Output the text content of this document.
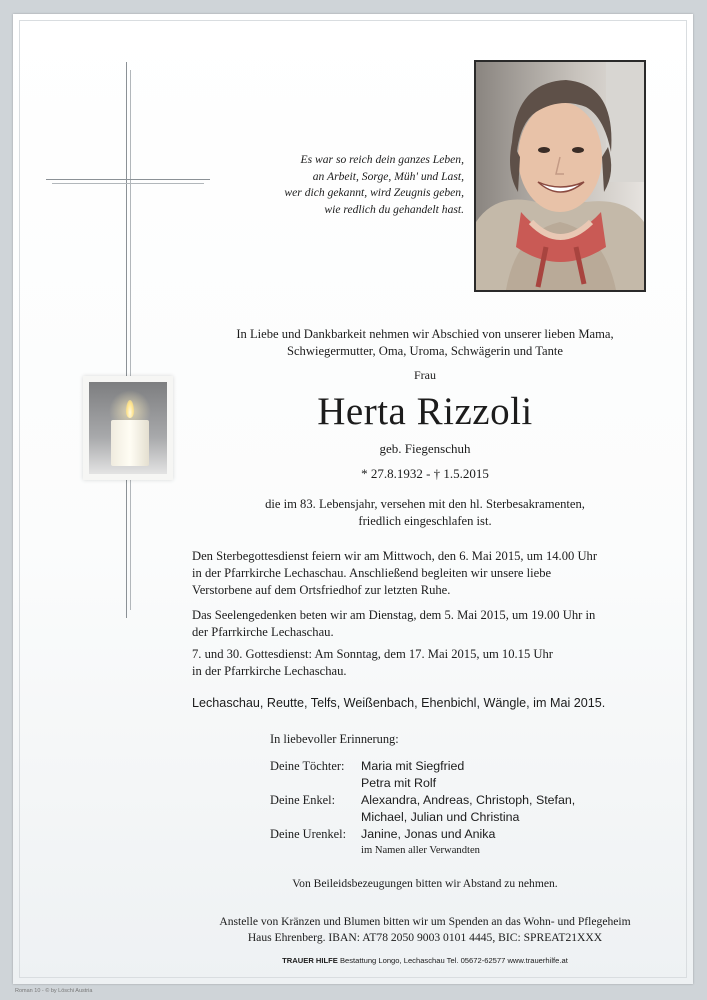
Es war so reich dein ganzes Leben,
an Arbeit, Sorge, Müh' und Last,
wer dich gekannt, wird Zeugnis geben,
wie redlich du gehandelt hast.
In Liebe und Dankbarkeit nehmen wir Abschied von unserer lieben Mama,
Schwiegermutter, Oma, Uroma, Schwägerin und Tante
Frau
Herta Rizzoli
geb. Fiegenschuh
* 27.8.1932 - † 1.5.2015
die im 83. Lebensjahr, versehen mit den hl. Sterbesakramenten,
friedlich eingeschlafen ist.
Den Sterbegottesdienst feiern wir am Mittwoch, den 6. Mai 2015, um 14.00 Uhr
in der Pfarrkirche Lechaschau. Anschließend begleiten wir unsere liebe
Verstorbene auf dem Ortsfriedhof zur letzten Ruhe.
Das Seelengedenken beten wir am Dienstag, dem 5. Mai 2015, um 19.00 Uhr in
der Pfarrkirche Lechaschau.
7. und 30. Gottesdienst: Am Sonntag, dem 17. Mai 2015, um 10.15 Uhr
in der Pfarrkirche Lechaschau.
Lechaschau, Reutte, Telfs, Weißenbach, Ehenbichl, Wängle, im Mai 2015.
In liebevoller Erinnerung:
Deine Töchter:	Maria mit Siegfried
Petra mit Rolf
Deine Enkel:	Alexandra, Andreas, Christoph, Stefan,
Michael, Julian und Christina
Deine Urenkel:	Janine, Jonas und Anika
im Namen aller Verwandten
Von Beileidsbezeugungen bitten wir Abstand zu nehmen.
Anstelle von Kränzen und Blumen bitten wir um Spenden an das Wohn- und Pflegeheim
Haus Ehrenberg. IBAN: AT78 2050 9003 0101 4445, BIC: SPREAT21XXX
TRAUER HILFE Bestattung Longo, Lechaschau Tel. 05672-62577 www.trauerhilfe.at
Roman 10 - © by Löschi Austria
